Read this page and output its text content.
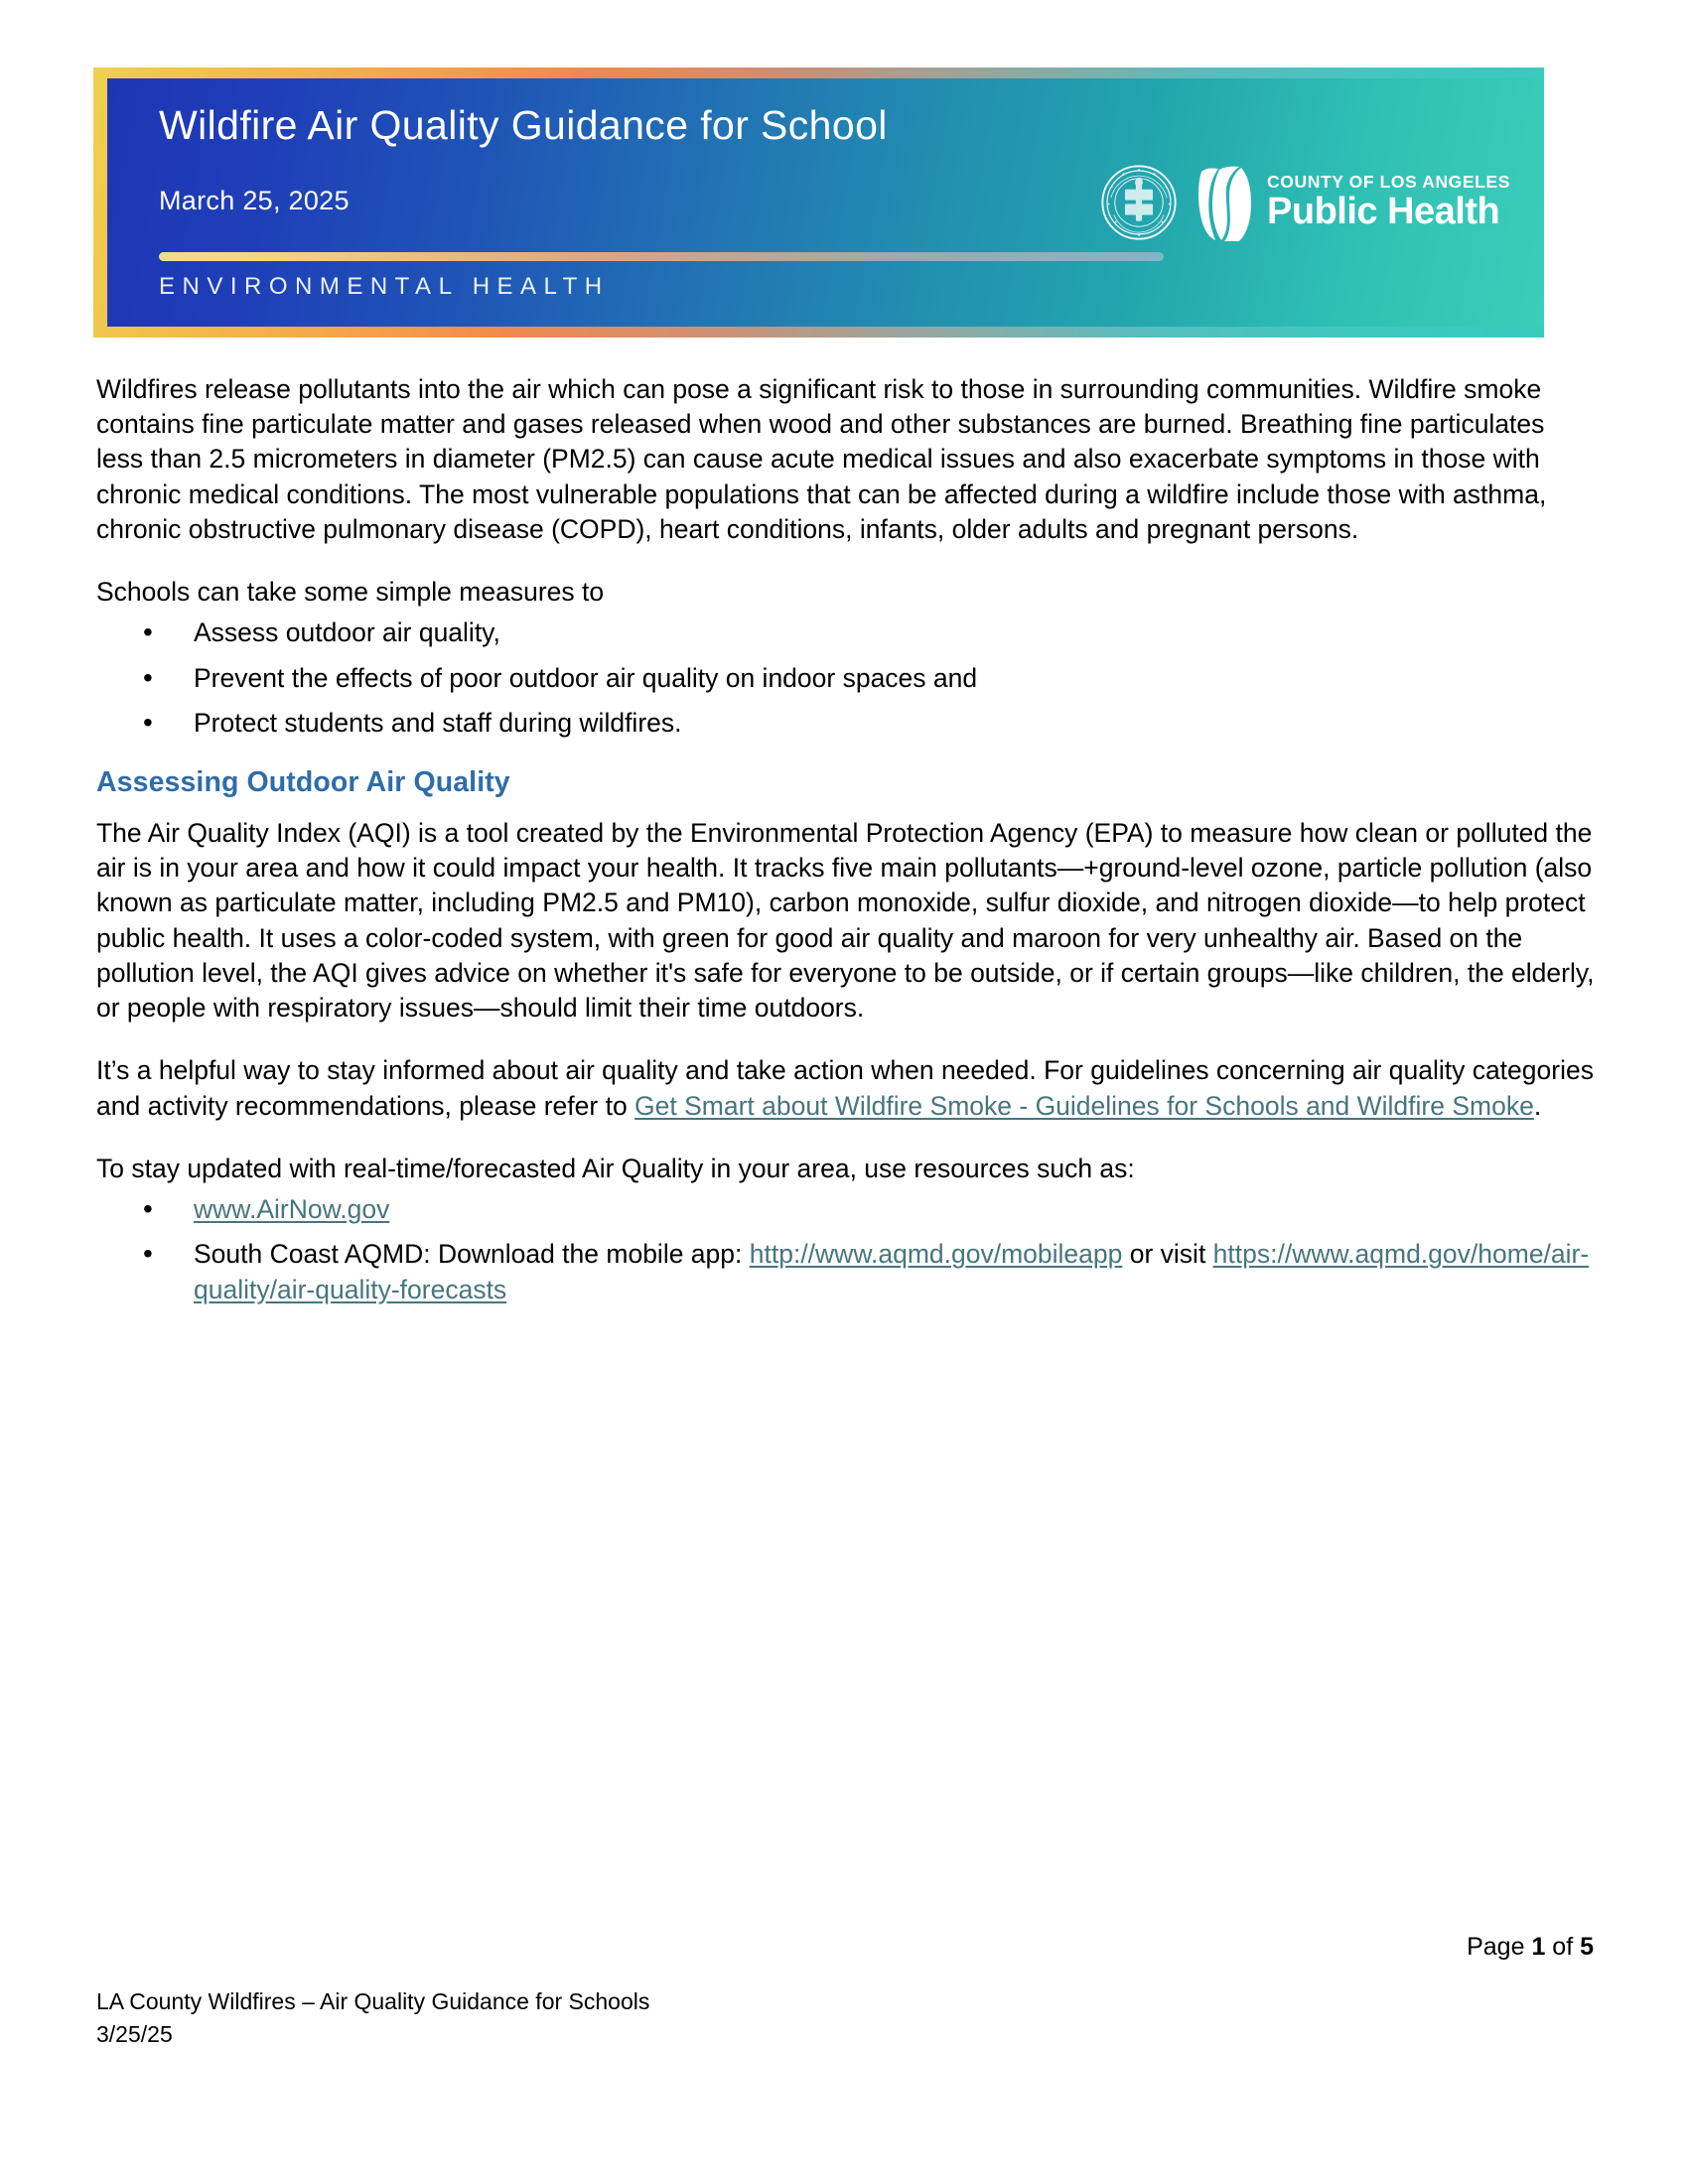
Wildfire Air Quality Guidance for School
March 25, 2025
ENVIRONMENTAL HEALTH
COUNTY OF LOS ANGELES
Public Health

Wildfires release pollutants into the air which can pose a significant risk to those in surrounding communities. Wildfire smoke contains fine particulate matter and gases released when wood and other substances are burned. Breathing fine particulates less than 2.5 micrometers in diameter (PM2.5) can cause acute medical issues and also exacerbate symptoms in those with chronic medical conditions. The most vulnerable populations that can be affected during a wildfire include those with asthma, chronic obstructive pulmonary disease (COPD), heart conditions, infants, older adults and pregnant persons.

Schools can take some simple measures to

• Assess outdoor air quality,
• Prevent the effects of poor outdoor air quality on indoor spaces and
• Protect students and staff during wildfires.
Assessing Outdoor Air Quality

The Air Quality Index (AQI) is a tool created by the Environmental Protection Agency (EPA) to measure how clean or polluted the air is in your area and how it could impact your health. It tracks five main pollutants—+ground-level ozone, particle pollution (also known as particulate matter, including PM2.5 and PM10), carbon monoxide, sulfur dioxide, and nitrogen dioxide—to help protect public health. It uses a color-coded system, with green for good air quality and maroon for very unhealthy air. Based on the pollution level, the AQI gives advice on whether it's safe for everyone to be outside, or if certain groups—like children, the elderly, or people with respiratory issues—should limit their time outdoors.

It’s a helpful way to stay informed about air quality and take action when needed. For guidelines concerning air quality categories and activity recommendations, please refer to Get Smart about Wildfire Smoke - Guidelines for Schools and Wildfire Smoke.

To stay updated with real-time/forecasted Air Quality in your area, use resources such as:

• www.AirNow.gov
• South Coast AQMD: Download the mobile app: http://www.aqmd.gov/mobileapp or visit https://www.aqmd.gov/home/air-quality/air-quality-forecasts
Page 1 of 5
LA County Wildfires – Air Quality Guidance for Schools
3/25/25
